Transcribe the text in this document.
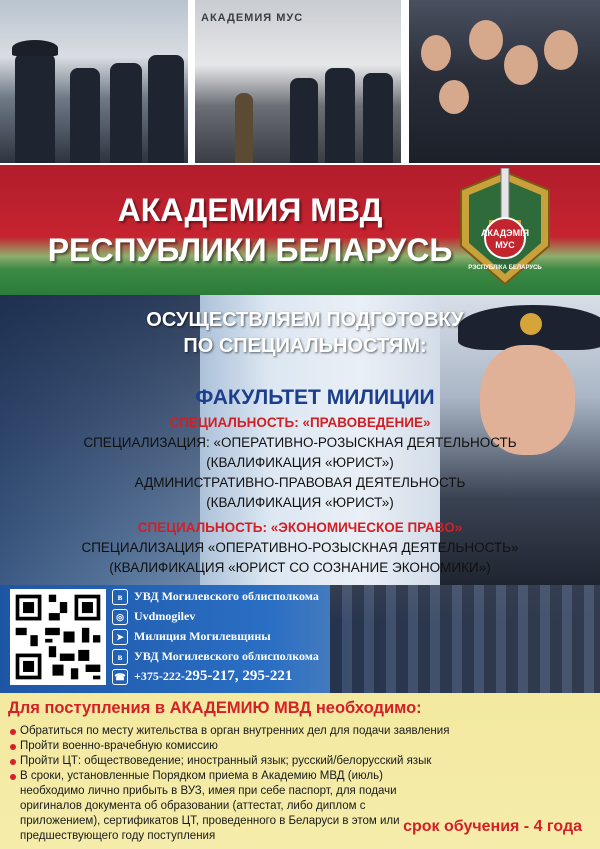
АКАДЕМИЯ МУС
АКАДЕМИЯ МВД
РЕСПУБЛИКИ БЕЛАРУСЬ	АКАДЭМІЯ
МУС
РЭСПУБЛІКА БЕЛАРУСЬ
ОСУЩЕСТВЛЯЕМ ПОДГОТОВКУ
ПО СПЕЦИАЛЬНОСТЯМ:
ФАКУЛЬТЕТ МИЛИЦИИ
СПЕЦИАЛЬНОСТЬ: «ПРАВОВЕДЕНИЕ»
СПЕЦИАЛИЗАЦИЯ: «ОПЕРАТИВНО-РОЗЫСКНАЯ ДЕЯТЕЛЬНОСТЬ
(КВАЛИФИКАЦИЯ «ЮРИСТ»)
АДМИНИСТРАТИВНО-ПРАВОВАЯ ДЕЯТЕЛЬНОСТЬ
(КВАЛИФИКАЦИЯ «ЮРИСТ»)
СПЕЦИАЛЬНОСТЬ: «ЭКОНОМИЧЕСКОЕ ПРАВО»
СПЕЦИАЛИЗАЦИЯ «ОПЕРАТИВНО-РОЗЫСКНАЯ ДЕЯТЕЛЬНОСТЬ»
(КВАЛИФИКАЦИЯ «ЮРИСТ СО СОЗНАНИЕ ЭКОНОМИКИ»)
в УВД Могилевского облисполкома
◎ Uvdmogilev
➤ Милиция Могилевщины
в УВД Могилевского облисполкома
☎ +375-222-295-217, 295-221
Для поступления в АКАДЕМИЮ МВД необходимо:
Обратиться по месту жительства в орган внутренних дел для подачи заявления
Пройти военно-врачебную комиссию
Пройти ЦТ: обществоведение; иностранный язык; русский/белорусский язык
В сроки, установленные Порядком приема в Академию МВД (июль) необходимо лично прибыть в ВУЗ, имея при себе паспорт, для подачи оригиналов документа об образовании (аттестат, либо диплом с приложением), сертификатов ЦТ, проведенного в Беларуси в этом или предшествующего году поступления
срок обучения - 4 года
